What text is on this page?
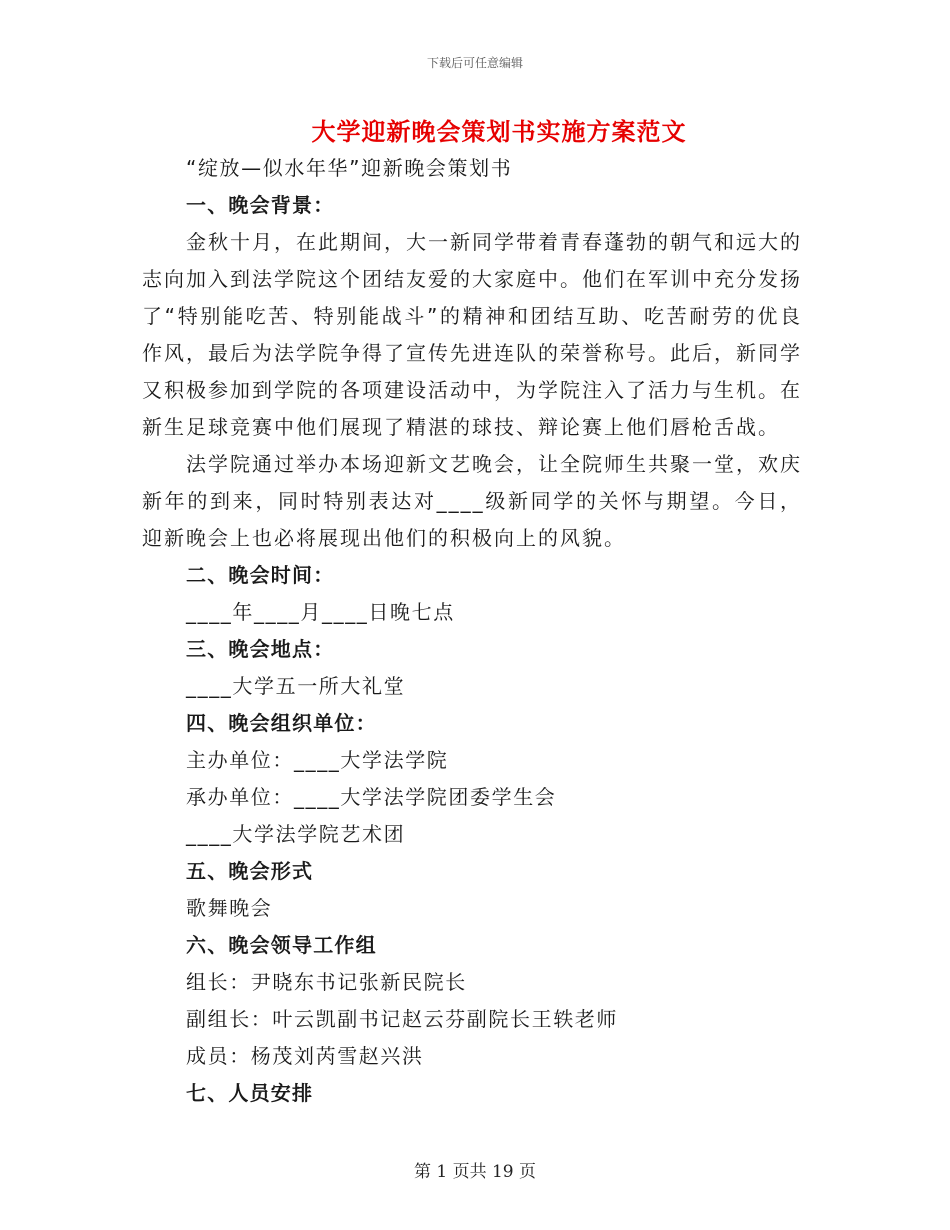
下载后可任意编辑
大学迎新晚会策划书实施方案范文
“绽放—似水年华”迎新晚会策划书
一、晚会背景：
金秋十月，在此期间，大一新同学带着青春蓬勃的朝气和远大的志向加入到法学院这个团结友爱的大家庭中。他们在军训中充分发扬了“特别能吃苦、特别能战斗”的精神和团结互助、吃苦耐劳的优良作风，最后为法学院争得了宣传先进连队的荣誉称号。此后，新同学又积极参加到学院的各项建设活动中，为学院注入了活力与生机。在新生足球竞赛中他们展现了精湛的球技、辩论赛上他们唇枪舌战。
法学院通过举办本场迎新文艺晚会，让全院师生共聚一堂，欢庆新年的到来，同时特别表达对____级新同学的关怀与期望。今日，迎新晚会上也必将展现出他们的积极向上的风貌。
二、晚会时间：
____年____月____日晚七点
三、晚会地点：
____大学五一所大礼堂
四、晚会组织单位：
主办单位：____大学法学院
承办单位：____大学法学院团委学生会
____大学法学院艺术团
五、晚会形式
歌舞晚会
六、晚会领导工作组
组长：尹晓东书记张新民院长
副组长：叶云凯副书记赵云芬副院长王轶老师
成员：杨茂刘芮雪赵兴洪
七、人员安排
第 1 页共 19 页
